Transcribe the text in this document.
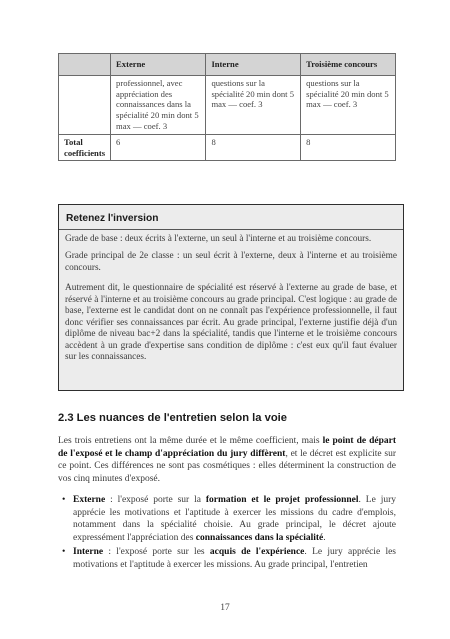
	Externe	Interne	Troisième concours
	professionnel, avec appréciation des connaissances dans la spécialité 20 min dont 5 max — coef. 3	questions sur la spécialité 20 min dont 5 max — coef. 3	questions sur la spécialité 20 min dont 5 max — coef. 3
Total coefficients	6	8	8
Retenez l'inversion
Grade de base : deux écrits à l'externe, un seul à l'interne et au troisième concours.
Grade principal de 2e classe : un seul écrit à l'externe, deux à l'interne et au troisième concours.
Autrement dit, le questionnaire de spécialité est réservé à l'externe au grade de base, et réservé à l'interne et au troisième concours au grade principal. C'est logique : au grade de base, l'externe est le candidat dont on ne connaît pas l'expérience professionnelle, il faut donc vérifier ses connaissances par écrit. Au grade principal, l'externe justifie déjà d'un diplôme de niveau bac+2 dans la spécialité, tandis que l'interne et le troisième concours accèdent à un grade d'expertise sans condition de diplôme : c'est eux qu'il faut évaluer sur les connaissances.
2.3 Les nuances de l'entretien selon la voie
Les trois entretiens ont la même durée et le même coefficient, mais le point de départ de l'exposé et le champ d'appréciation du jury diffèrent, et le décret est explicite sur ce point. Ces différences ne sont pas cosmétiques : elles déterminent la construction de vos cinq minutes d'exposé.
• Externe : l'exposé porte sur la formation et le projet professionnel. Le jury apprécie les motivations et l'aptitude à exercer les missions du cadre d'emplois, notamment dans la spécialité choisie. Au grade principal, le décret ajoute expressément l'appréciation des connaissances dans la spécialité.
• Interne : l'exposé porte sur les acquis de l'expérience. Le jury apprécie les motivations et l'aptitude à exercer les missions. Au grade principal, l'entretien
17
